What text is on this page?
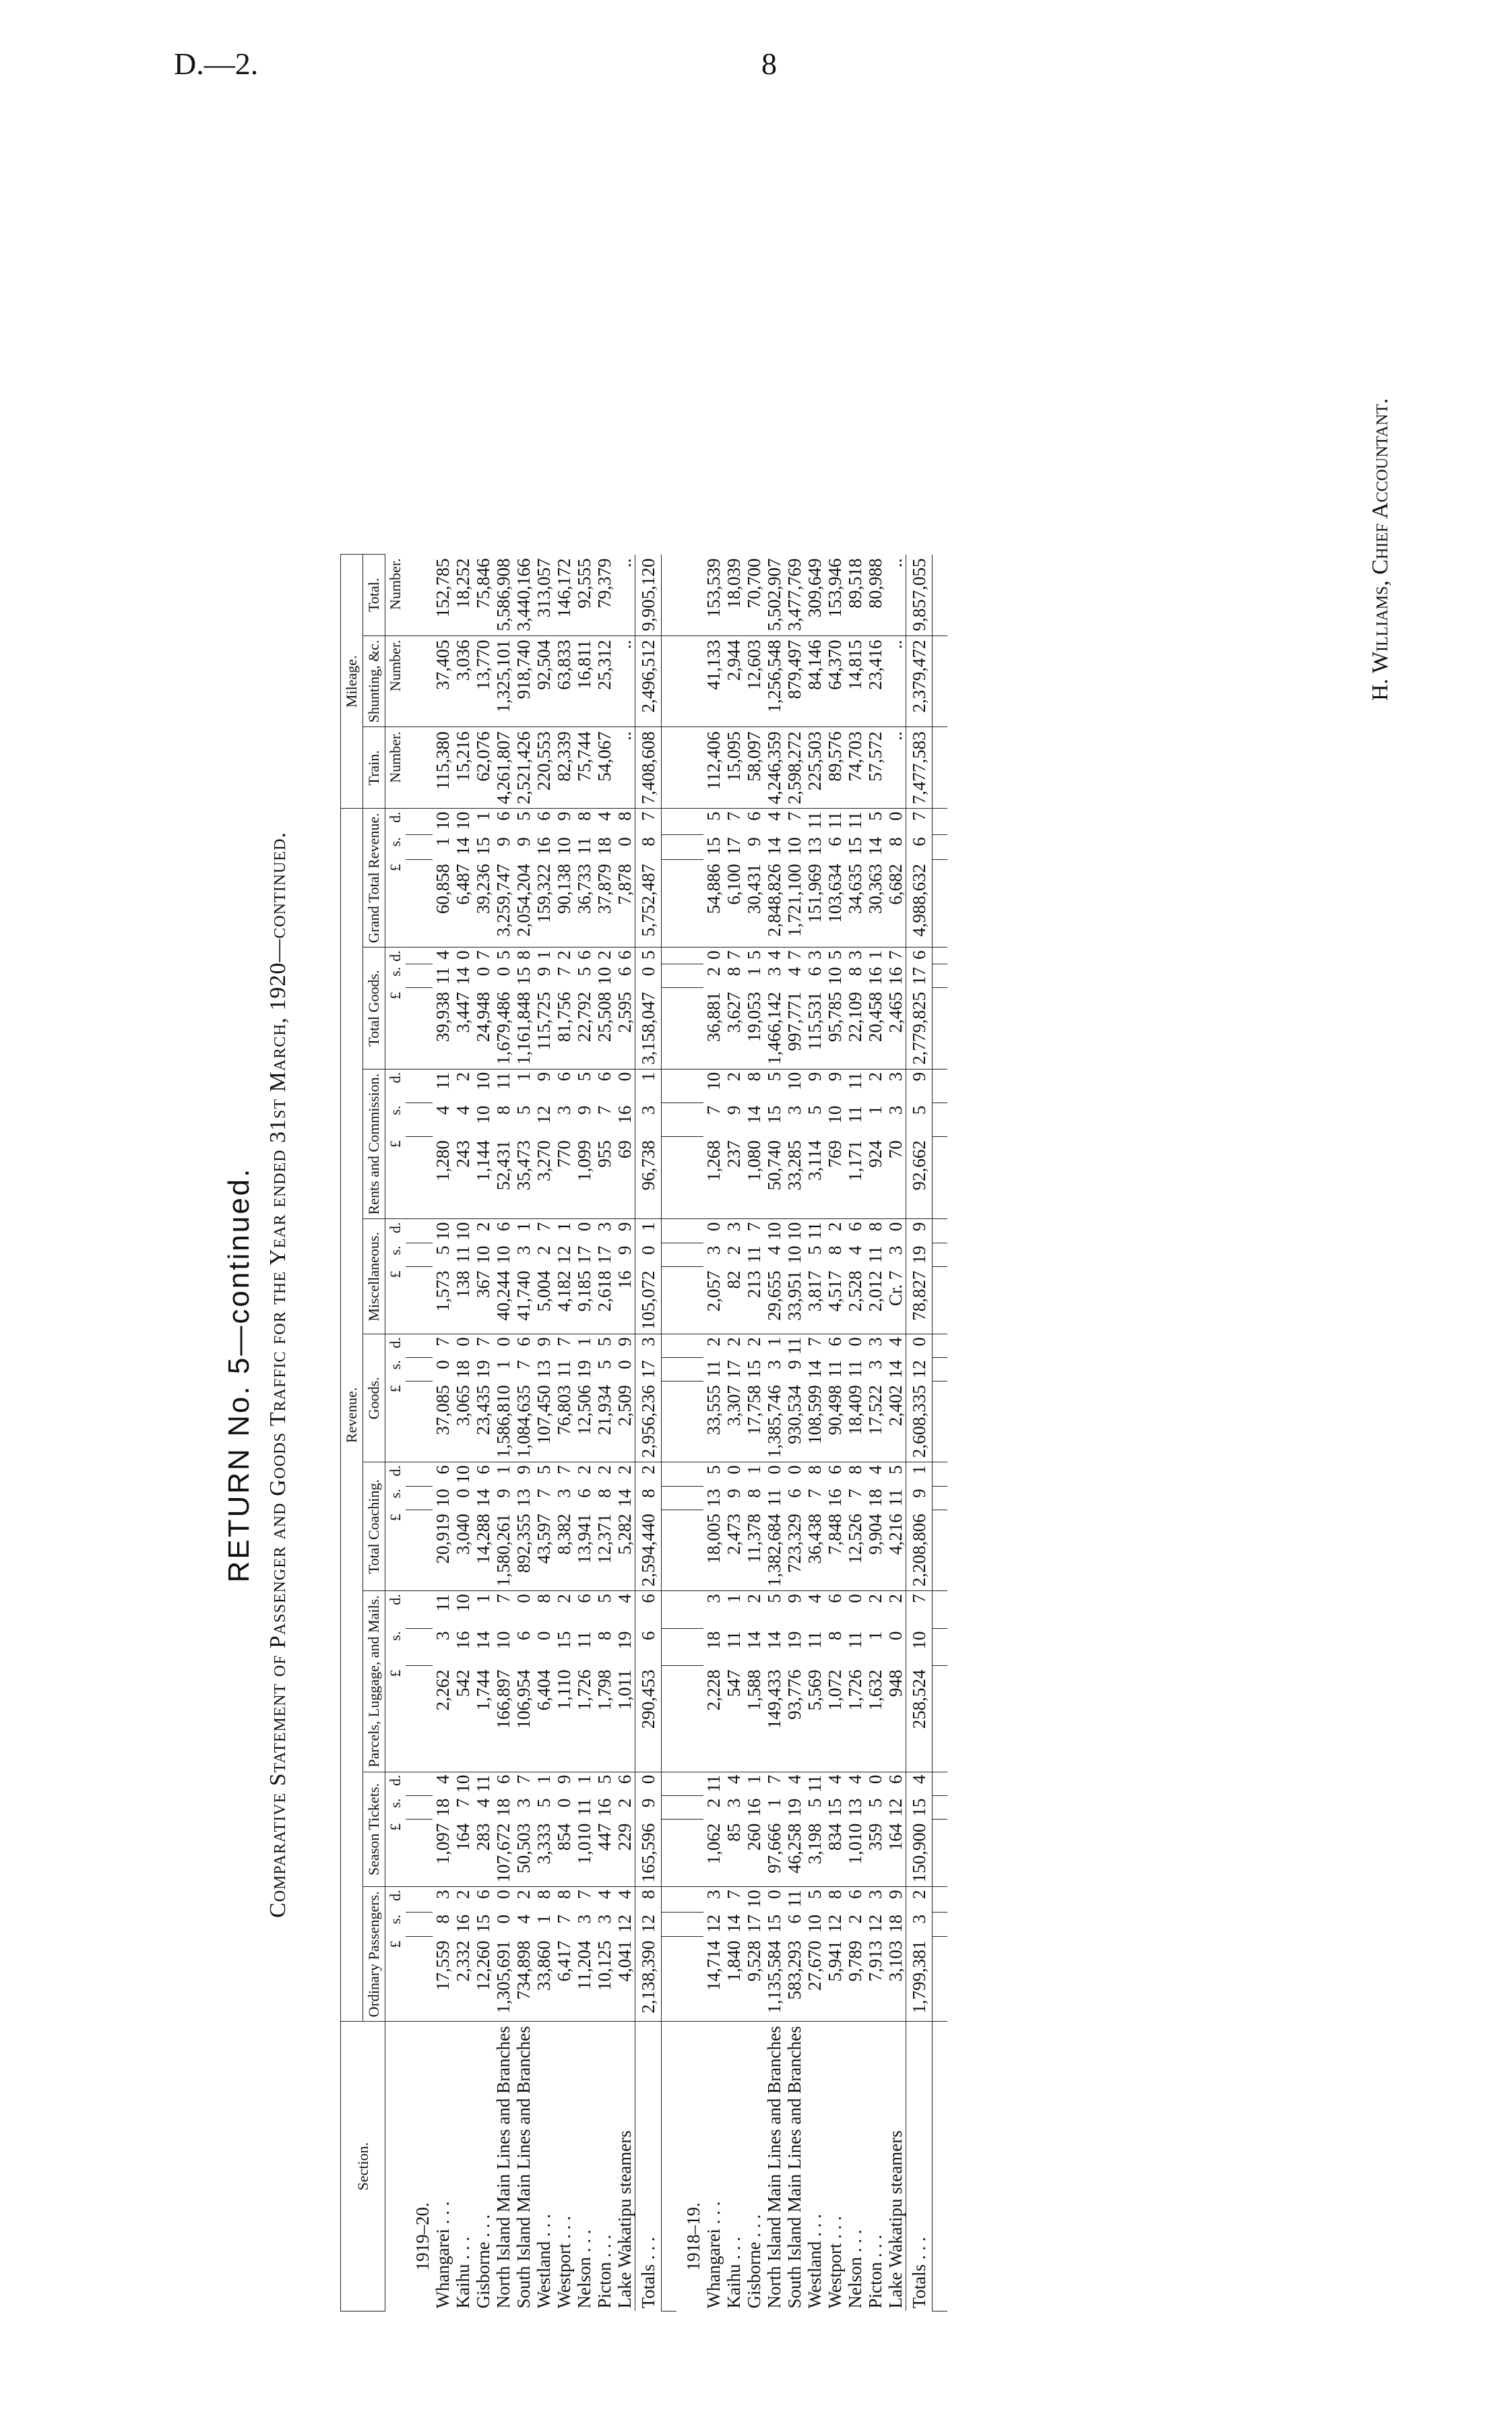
D.—2.	8
RETURN No. 5—continued. Comparative Statement of Passenger and Goods Traffic for the Year ended 31st March, 1920—continued.
Section.	Revenue.																											Mileage.		
	Ordinary Passengers.			Season Tickets.			Parcels, Luggage, and Mails.			Total Coaching.			Goods.			Miscellaneous.			Rents and Commission.			Total Goods.			Grand Total Revenue.			Train.	Shunting, &c.	Total.
	£	s.	d.	£	s.	d.	£	s.	d.	£	s.	d.	£	s.	d.	£	s.	d.	£	s.	d.	£	s.	d.	£	s.	d.	Number.	Number.	Number.
1919–20.																														
Whangarei . . .	17,559	8	3	1,097	18	4	2,262	3	11	20,919	10	6	37,085	0	7	1,573	5	10	1,280	4	11	39,938	11	4	60,858	1	10	115,380	37,405	152,785
Kaihu . . .	2,332	16	2	164	7	10	542	16	10	3,040	0	10	3,065	18	0	138	11	10	243	4	2	3,447	14	0	6,487	14	10	15,216	3,036	18,252
Gisborne . . .	12,260	15	6	283	4	11	1,744	14	1	14,288	14	6	23,435	19	7	367	10	2	1,144	10	10	24,948	0	7	39,236	15	1	62,076	13,770	75,846
North Island Main Lines and Branches	1,305,691	0	0	107,672	18	6	166,897	10	7	1,580,261	9	1	1,586,810	1	0	40,244	10	6	52,431	8	11	1,679,486	0	5	3,259,747	9	6	4,261,807	1,325,101	5,586,908
South Island Main Lines and Branches	734,898	4	2	50,503	3	7	106,954	6	0	892,355	13	9	1,084,635	7	6	41,740	3	1	35,473	5	1	1,161,848	15	8	2,054,204	9	5	2,521,426	918,740	3,440,166
Westland . . .	33,860	1	8	3,333	5	1	6,404	0	8	43,597	7	5	107,450	13	9	5,004	2	7	3,270	12	9	115,725	9	1	159,322	16	6	220,553	92,504	313,057
Westport . . .	6,417	7	8	854	0	9	1,110	15	2	8,382	3	7	76,803	11	7	4,182	12	1	770	3	6	81,756	7	2	90,138	10	9	82,339	63,833	146,172
Nelson . . .	11,204	3	7	1,010	11	1	1,726	11	6	13,941	6	2	12,506	19	1	9,185	17	0	1,099	9	5	22,792	5	6	36,733	11	8	75,744	16,811	92,555
Picton . . .	10,125	3	4	447	16	5	1,798	8	5	12,371	8	2	21,934	5	5	2,618	17	3	955	7	6	25,508	10	2	37,879	18	4	54,067	25,312	79,379
Lake Wakatipu steamers	4,041	12	4	229	2	6	1,011	19	4	5,282	14	2	2,509	0	9	16	9	9	69	16	0	2,595	6	6	7,878	0	8	..	..	..
Totals . . .	2,138,390	12	8	165,596	9	0	290,453	6	6	2,594,440	8	2	2,956,236	17	3	105,072	0	1	96,738	3	1	3,158,047	0	5	5,752,487	8	7	7,408,608	2,496,512	9,905,120

1918–19.																														
Whangarei . . .	14,714	12	3	1,062	2	11	2,228	18	3	18,005	13	5	33,555	11	2	2,057	3	0	1,268	7	10	36,881	2	0	54,886	15	5	112,406	41,133	153,539
Kaihu . . .	1,840	14	7	85	3	4	547	11	1	2,473	9	0	3,307	17	2	82	2	3	237	9	2	3,627	8	7	6,100	17	7	15,095	2,944	18,039
Gisborne . . .	9,528	17	10	260	16	1	1,588	14	2	11,378	8	1	17,758	15	2	213	11	7	1,080	14	8	19,053	1	5	30,431	9	6	58,097	12,603	70,700
North Island Main Lines and Branches	1,135,584	15	0	97,666	1	7	149,433	14	5	1,382,684	11	0	1,385,746	3	1	29,655	4	10	50,740	15	5	1,466,142	3	4	2,848,826	14	4	4,246,359	1,256,548	5,502,907
South Island Main Lines and Branches	583,293	6	11	46,258	19	4	93,776	19	9	723,329	6	0	930,534	9	11	33,951	10	10	33,285	3	10	997,771	4	7	1,721,100	10	7	2,598,272	879,497	3,477,769
Westland . . .	27,670	10	5	3,198	5	11	5,569	11	4	36,438	7	8	108,599	14	7	3,817	5	11	3,114	5	9	115,531	6	3	151,969	13	11	225,503	84,146	309,649
Westport . . .	5,941	12	8	834	15	4	1,072	8	6	7,848	16	6	90,498	11	6	4,517	8	2	769	10	9	95,785	10	5	103,634	6	11	89,576	64,370	153,946
Nelson . . .	9,789	2	6	1,010	13	4	1,726	11	0	12,526	7	8	18,409	11	0	2,528	4	6	1,171	11	11	22,109	8	3	34,635	15	11	74,703	14,815	89,518
Picton . . .	7,913	12	3	359	5	0	1,632	1	2	9,904	18	4	17,522	3	3	2,012	11	8	924	1	2	20,458	16	1	30,363	14	5	57,572	23,416	80,988
Lake Wakatipu steamers	3,103	18	9	164	12	6	948	0	2	4,216	11	5	2,402	14	4	Cr. 7	3	0	70	3	3	2,465	16	7	6,682	8	0	..	..	..
Totals . . .	1,799,381	3	2	150,900	15	4	258,524	10	7	2,208,806	9	1	2,608,335	12	0	78,827	19	9	92,662	5	9	2,779,825	17	6	4,988,632	6	7	7,477,583	2,379,472	9,857,055
																															H. Williams, Chief Accountant.
